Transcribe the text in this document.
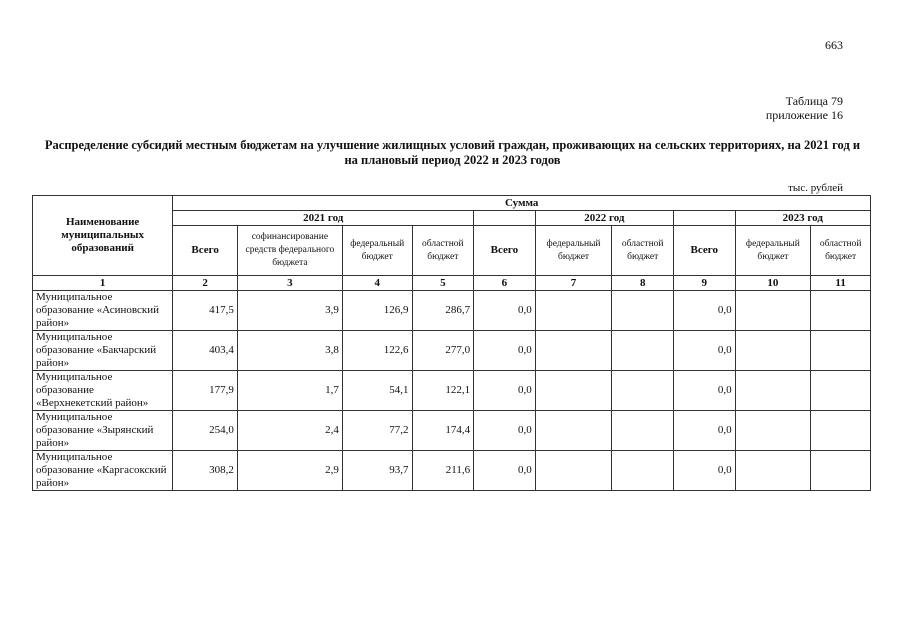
663
Таблица 79
приложение 16
Распределение субсидий местным бюджетам на улучшение жилищных условий граждан, проживающих на сельских территориях, на 2021 год и на плановый период 2022 и 2023 годов
тыс. рублей
Наименование муниципальных образований	Сумма									
	2021 год					2022 год			2023 год	
	Всего	софинансирование средств федерального бюджета	федеральный бюджет	областной бюджет	Всего	федеральный бюджет	областной бюджет	Всего	федеральный бюджет	областной бюджет
1	2	3	4	5	6	7	8	9	10	11
Муниципальное образование «Асиновский район»	417,5	3,9	126,9	286,7	0,0			0,0		
Муниципальное образование «Бакчарский район»	403,4	3,8	122,6	277,0	0,0			0,0		
Муниципальное образование «Верхнекетский район»	177,9	1,7	54,1	122,1	0,0			0,0		
Муниципальное образование «Зырянский район»	254,0	2,4	77,2	174,4	0,0			0,0		
Муниципальное образование «Каргасокский район»	308,2	2,9	93,7	211,6	0,0			0,0		
